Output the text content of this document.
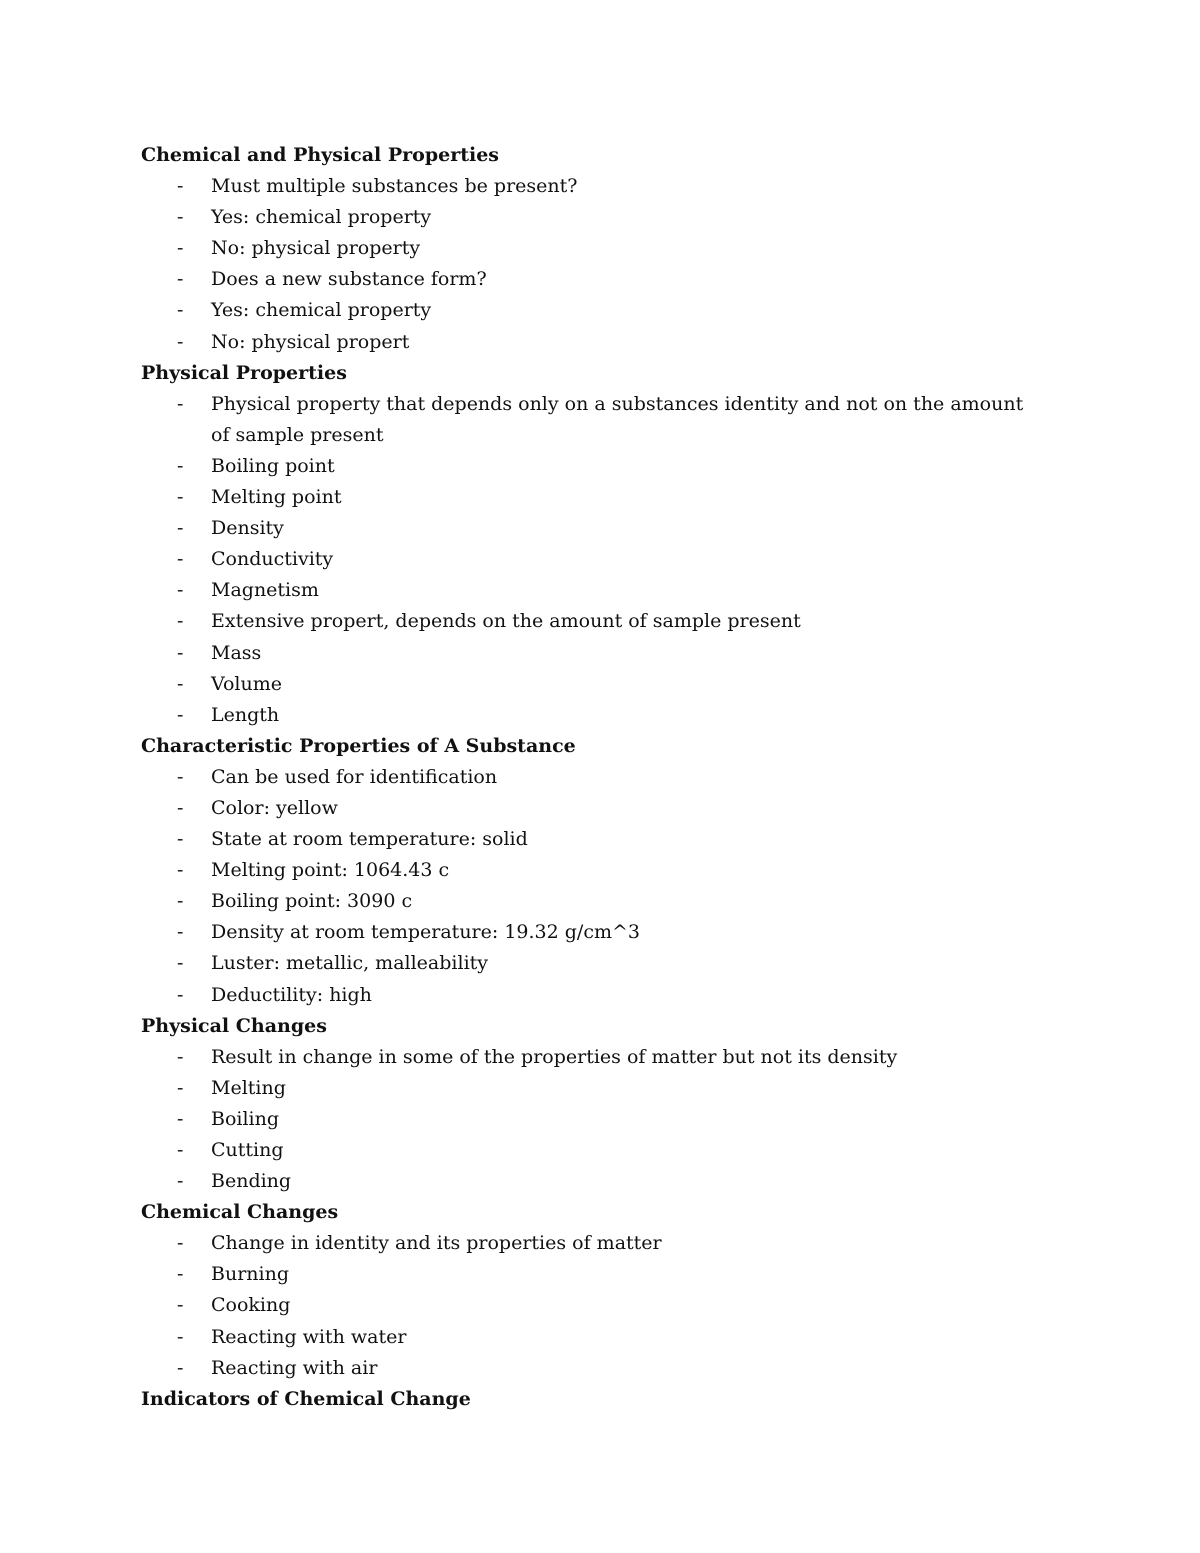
Chemical and Physical Properties
- Must multiple substances be present?
- Yes: chemical property
- No: physical property
- Does a new substance form?
- Yes: chemical property
- No: physical propert
Physical Properties
- Physical property that depends only on a substances identity and not on the amount of sample present
- Boiling point
- Melting point
- Density
- Conductivity
- Magnetism
- Extensive propert, depends on the amount of sample present
- Mass
- Volume
- Length
Characteristic Properties of A Substance
- Can be used for identification
- Color: yellow
- State at room temperature: solid
- Melting point: 1064.43 c
- Boiling point: 3090 c
- Density at room temperature: 19.32 g/cm^3
- Luster: metallic, malleability
- Deductility: high
Physical Changes
- Result in change in some of the properties of matter but not its density
- Melting
- Boiling
- Cutting
- Bending
Chemical Changes
- Change in identity and its properties of matter
- Burning
- Cooking
- Reacting with water
- Reacting with air
Indicators of Chemical Change
